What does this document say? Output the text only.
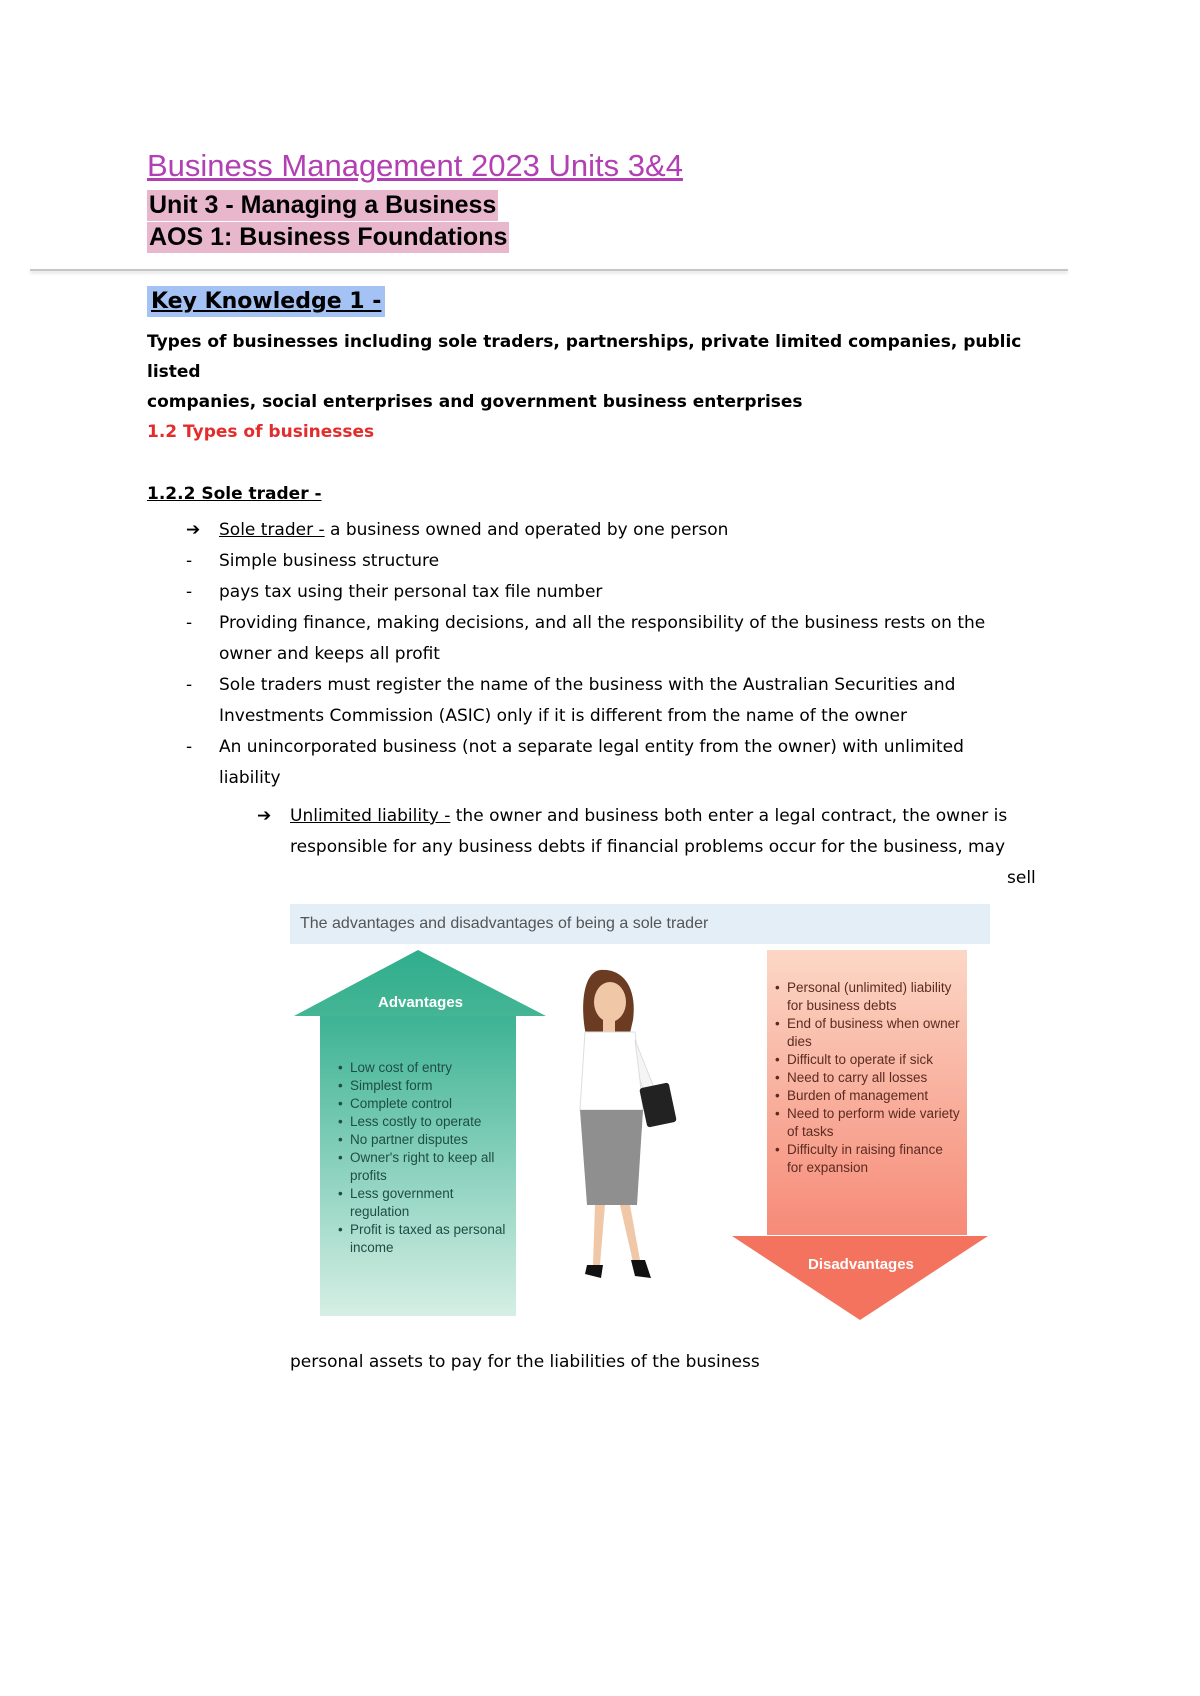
Business Management 2023 Units 3&4
Unit 3 - Managing a Business
AOS 1: Business Foundations
Key Knowledge 1 -
Types of businesses including sole traders, partnerships, private limited companies, public listed
companies, social enterprises and government business enterprises
1.2 Types of businesses
1.2.2 Sole trader -
➔ Sole trader - a business owned and operated by one person
- Simple business structure
- pays tax using their personal tax file number
- Providing finance, making decisions, and all the responsibility of the business rests on the
owner and keeps all profit
- Sole traders must register the name of the business with the Australian Securities and
Investments Commission (ASIC) only if it is different from the name of the owner
- An unincorporated business (not a separate legal entity from the owner) with unlimited
liability
➔ Unlimited liability - the owner and business both enter a legal contract, the owner is
responsible for any business debts if financial problems occur for the business, may
sell
The advantages and disadvantages of being a sole trader
Advantages
• Low cost of entry
• Simplest form
• Complete control
• Less costly to operate
• No partner disputes
• Owner's right to keep all profits
• Less government regulation
• Profit is taxed as personal income
Disadvantages
• Personal (unlimited) liability for business debts
• End of business when owner dies
• Difficult to operate if sick
• Need to carry all losses
• Burden of management
• Need to perform wide variety of tasks
• Difficulty in raising finance for expansion
personal assets to pay for the liabilities of the business
